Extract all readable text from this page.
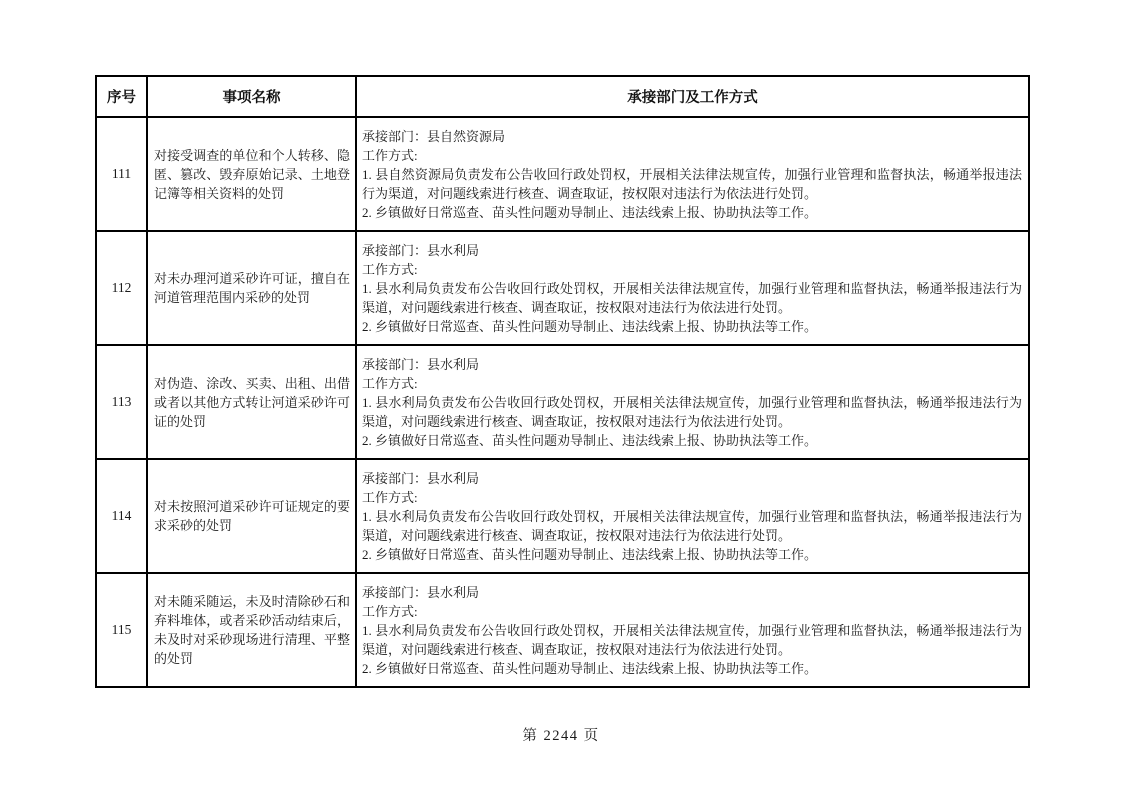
序号	事项名称	承接部门及工作方式
111	对接受调查的单位和个人转移、隐匿、篡改、毁弃原始记录、土地登记簿等相关资料的处罚	承接部门：县自然资源局
工作方式:
1. 县自然资源局负责发布公告收回行政处罚权，开展相关法律法规宣传，加强行业管理和监督执法，畅通举报违法行为渠道，对问题线索进行核查、调查取证，按权限对违法行为依法进行处罚。
2. 乡镇做好日常巡查、苗头性问题劝导制止、违法线索上报、协助执法等工作。

112	对未办理河道采砂许可证，擅自在河道管理范围内采砂的处罚	承接部门：县水利局
工作方式:
1. 县水利局负责发布公告收回行政处罚权，开展相关法律法规宣传，加强行业管理和监督执法，畅通举报违法行为渠道，对问题线索进行核查、调查取证，按权限对违法行为依法进行处罚。
2. 乡镇做好日常巡查、苗头性问题劝导制止、违法线索上报、协助执法等工作。

113	对伪造、涂改、买卖、出租、出借或者以其他方式转让河道采砂许可证的处罚	承接部门：县水利局
工作方式:
1. 县水利局负责发布公告收回行政处罚权，开展相关法律法规宣传，加强行业管理和监督执法，畅通举报违法行为渠道，对问题线索进行核查、调查取证，按权限对违法行为依法进行处罚。
2. 乡镇做好日常巡查、苗头性问题劝导制止、违法线索上报、协助执法等工作。

114	对未按照河道采砂许可证规定的要求采砂的处罚	承接部门：县水利局
工作方式:
1. 县水利局负责发布公告收回行政处罚权，开展相关法律法规宣传，加强行业管理和监督执法，畅通举报违法行为渠道，对问题线索进行核查、调查取证，按权限对违法行为依法进行处罚。
2. 乡镇做好日常巡查、苗头性问题劝导制止、违法线索上报、协助执法等工作。

115	对未随采随运，未及时清除砂石和弃料堆体，或者采砂活动结束后，未及时对采砂现场进行清理、平整的处罚	承接部门：县水利局
工作方式:
1. 县水利局负责发布公告收回行政处罚权，开展相关法律法规宣传，加强行业管理和监督执法，畅通举报违法行为渠道，对问题线索进行核查、调查取证，按权限对违法行为依法进行处罚。
2. 乡镇做好日常巡查、苗头性问题劝导制止、违法线索上报、协助执法等工作。
第 2244 页
